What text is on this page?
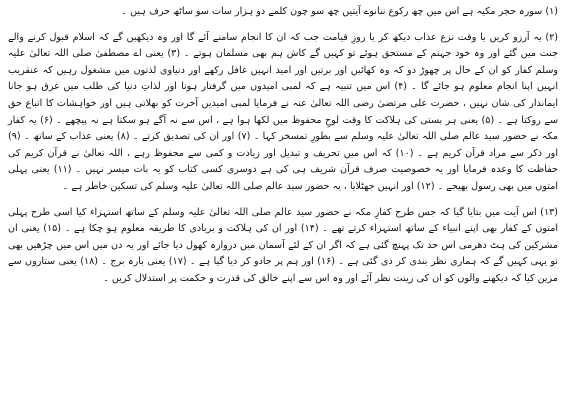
(۱) سورہ حجر مکیہ ہے اس میں چھ رکوع ننانوے آیتیں چھ سو چون کلمے دو ہزار سات سو ساٹھ حرف ہیں ۔

(۲) یہ آرزو کریں یا وقت نزع عذاب دیکھ کر یا روزِ قیامت جب کہ ان کا انجام سامنے آئے گا اور وہ دیکھیں گے کہ اسلام قبول کرنے والے جنت میں گئے اور وہ خود جہنم کے مستحق ہوئے تو کہیں گے کاش ہم بھی مسلمان ہوتے ۔ (۳) یعنی اے مصطفیٰ صلی اللہ تعالیٰ علیہ وسلم کفار کو ان کے حال پر چھوڑ دو کہ وہ کھائیں اور برتیں اور امید انہیں غافل رکھے اور دنیاوی لذتوں میں مشغول رہیں کہ عنقریب انہیں اپنا انجام معلوم ہو جائے گا ۔ (۴) اس میں تنبیہ ہے کہ لمبی امیدوں میں گرفتار ہونا اور لذاتِ دنیا کی طلب میں غرق ہو جانا ایماندار کی شان نہیں ، حضرت علی مرتضیٰ رضی اللہ تعالیٰ عنہ نے فرمایا لمبی امیدیں آخرت کو بھلاتی ہیں اور خواہشات کا اتباع حق سے روکتا ہے ۔ (۵) یعنی ہر بستی کی ہلاکت کا وقت لوحِ محفوظ میں لکھا ہوا ہے ، اس سے نہ آگے ہو سکتا ہے نہ پیچھے ۔ (۶) یہ کفار مکہ نے حضور سید عالم صلی اللہ تعالیٰ علیہ وسلم سے بطورِ تمسخر کہا ۔ (۷) اور ان کی تصدیق کرتے ۔ (۸) یعنی عذاب کے ساتھ ۔ (۹) اور ذکر سے مراد قرآن کریم ہے ۔ (۱۰) کہ اس میں تحریف و تبدیل اور زیادت و کمی سے محفوظ رہے ، اللہ تعالیٰ نے قرآن کریم کی حفاظت کا وعدہ فرمایا اور یہ خصوصیت صرف قرآن شریف ہی کی ہے دوسری کسی کتاب کو یہ بات میسر نہیں ۔ (۱۱) یعنی پہلی امتوں میں بھی رسول بھیجے ۔ (۱۲) اور انہیں جھٹلایا ، یہ حضور سید عالم صلی اللہ تعالیٰ علیہ وسلم کی تسکین خاطر ہے ۔

(۱۳) اس آیت میں بتایا گیا کہ جس طرح کفارِ مکہ نے حضور سید عالم صلی اللہ تعالیٰ علیہ وسلم کے ساتھ استہزاء کیا اسی طرح پہلی امتوں کے کفار بھی اپنے انبیاء کے ساتھ استہزاء کرتے تھے ۔ (۱۴) اور ان کی ہلاکت و بربادی کا طریقہ معلوم ہو چکا ہے ۔ (۱۵) یعنی ان مشرکین کی ہٹ دھرمی اس حد تک پہنچ گئی ہے کہ اگر ان کے لئے آسمان میں دروازہ کھول دیا جائے اور یہ دن میں اس میں چڑھیں بھی تو یہی کہیں گے کہ ہماری نظر بندی کر دی گئی ہے ۔ (۱۶) اور ہم پر جادو کر دیا گیا ہے ۔ (۱۷) یعنی بارہ برج ۔ (۱۸) یعنی ستاروں سے مزین کیا کہ دیکھنے والوں کو ان کی زینت نظر آئے اور وہ اس سے اپنے خالق کی قدرت و حکمت پر استدلال کریں ۔
